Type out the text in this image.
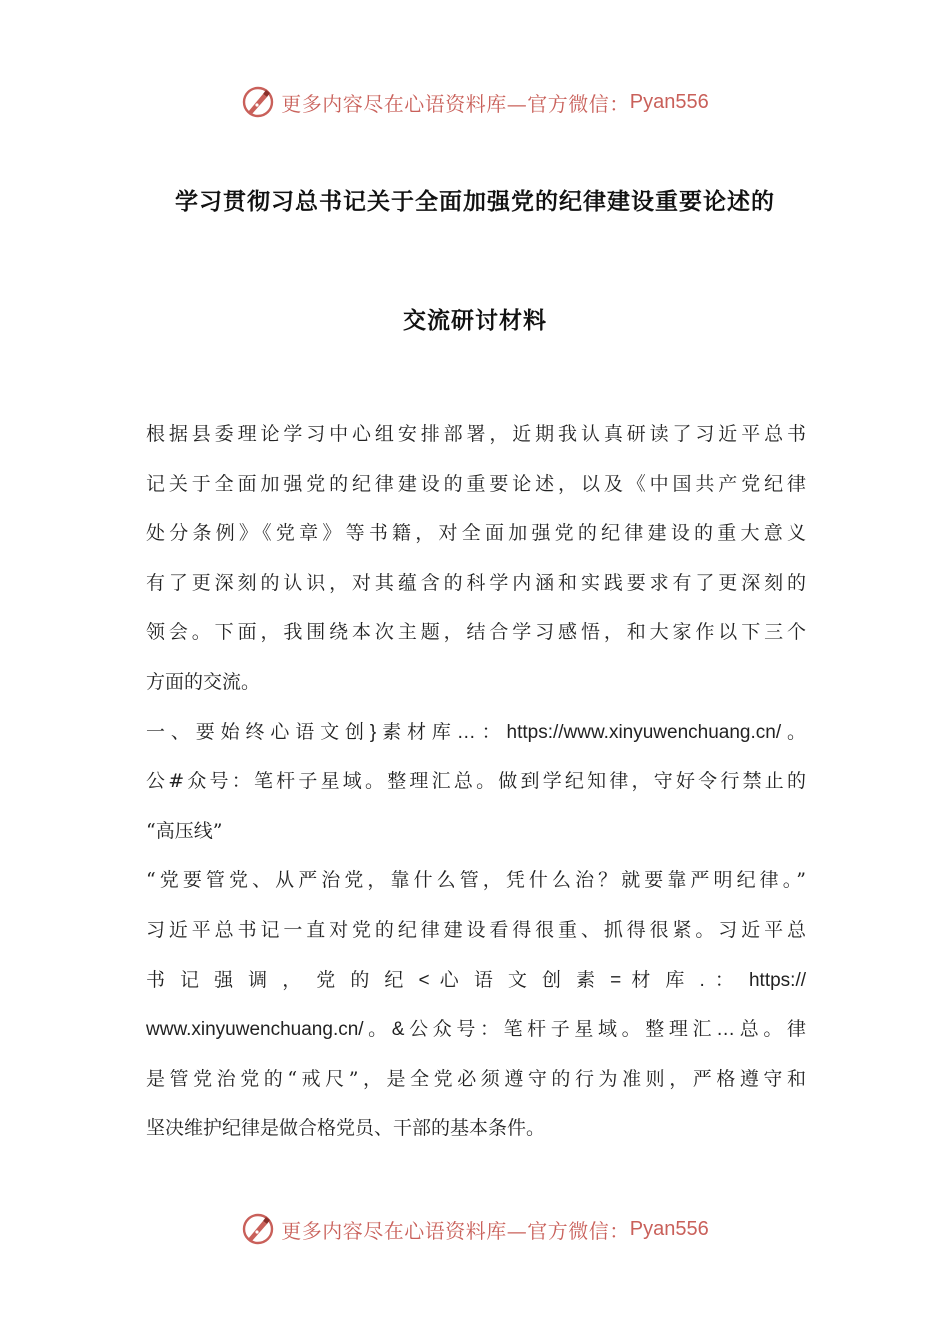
更多内容尽在心语资料库—官方微信： Pyan556
学习贯彻习总书记关于全面加强党的纪律建设重要论述的
交流研讨材料
根据县委理论学习中心组安排部署，近期我认真研读了习近平总书
记关于全面加强党的纪律建设的重要论述，以及《中国共产党纪律
处分条例》《党章》等书籍，对全面加强党的纪律建设的重大意义
有了更深刻的认识，对其蕴含的科学内涵和实践要求有了更深刻的
领会。下面，我围绕本次主题，结合学习感悟，和大家作以下三个
方面的交流。
一、要始终心语文创}素材库…：https://www.xinyuwenchuang.cn/。
公#众号：笔杆子星域。整理汇总。做到学纪知律，守好令行禁止的
“高压线”
“党要管党、从严治党，靠什么管，凭什么治？就要靠严明纪律。”
习近平总书记一直对党的纪律建设看得很重、抓得很紧。习近平总
书 记 强 调 ， 党 的 纪 < 心 语 文 创 素 = 材 库 . ： https://
www.xinyuwenchuang.cn/。&公众号：笔杆子星域。整理汇…总。律
是管党治党的“戒尺”，是全党必须遵守的行为准则，严格遵守和
坚决维护纪律是做合格党员、干部的基本条件。
更多内容尽在心语资料库—官方微信： Pyan556
